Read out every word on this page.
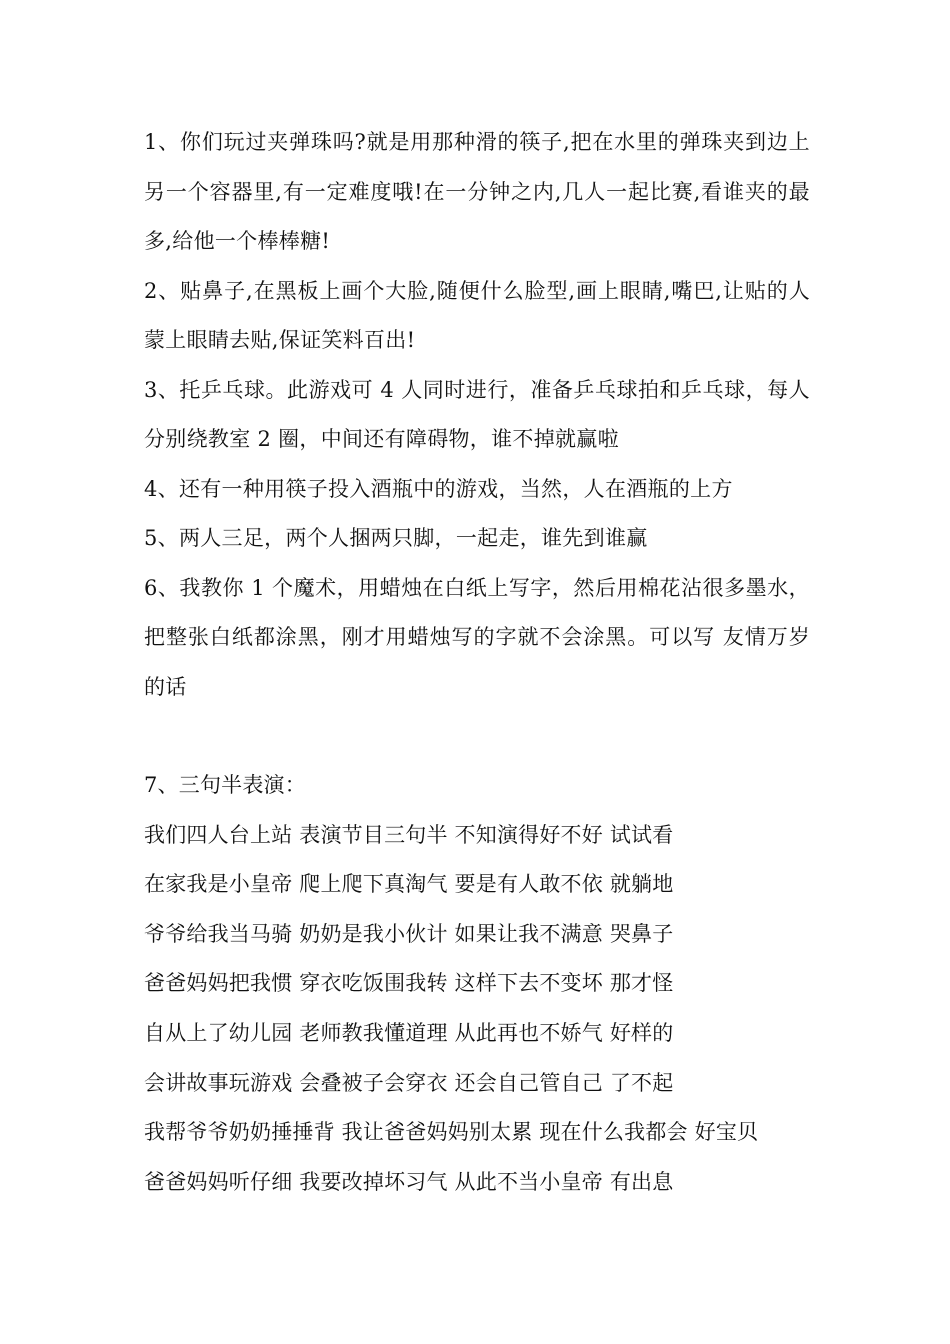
1、你们玩过夹弹珠吗?就是用那种滑的筷子,把在水里的弹珠夹到边上另一个容器里,有一定难度哦!在一分钟之内,几人一起比赛,看谁夹的最多,给他一个棒棒糖!

2、贴鼻子,在黑板上画个大脸,随便什么脸型,画上眼睛,嘴巴,让贴的人蒙上眼睛去贴,保证笑料百出!

3、托乒乓球。此游戏可 4 人同时进行，准备乒乓球拍和乒乓球，每人分别绕教室 2 圈，中间还有障碍物，谁不掉就赢啦

4、还有一种用筷子投入酒瓶中的游戏，当然，人在酒瓶的上方

5、两人三足，两个人捆两只脚，一起走，谁先到谁赢

6、我教你 1 个魔术，用蜡烛在白纸上写字，然后用棉花沾很多墨水，把整张白纸都涂黑，刚才用蜡烛写的字就不会涂黑。可以写 友情万岁 的话

7、三句半表演：

我们四人台上站 表演节目三句半 不知演得好不好 试试看

在家我是小皇帝 爬上爬下真淘气 要是有人敢不依 就躺地

爷爷给我当马骑 奶奶是我小伙计 如果让我不满意 哭鼻子

爸爸妈妈把我惯 穿衣吃饭围我转 这样下去不变坏 那才怪

自从上了幼儿园 老师教我懂道理 从此再也不娇气 好样的

会讲故事玩游戏 会叠被子会穿衣 还会自己管自己 了不起

我帮爷爷奶奶捶捶背 我让爸爸妈妈别太累 现在什么我都会 好宝贝

爸爸妈妈听仔细 我要改掉坏习气 从此不当小皇帝 有出息
